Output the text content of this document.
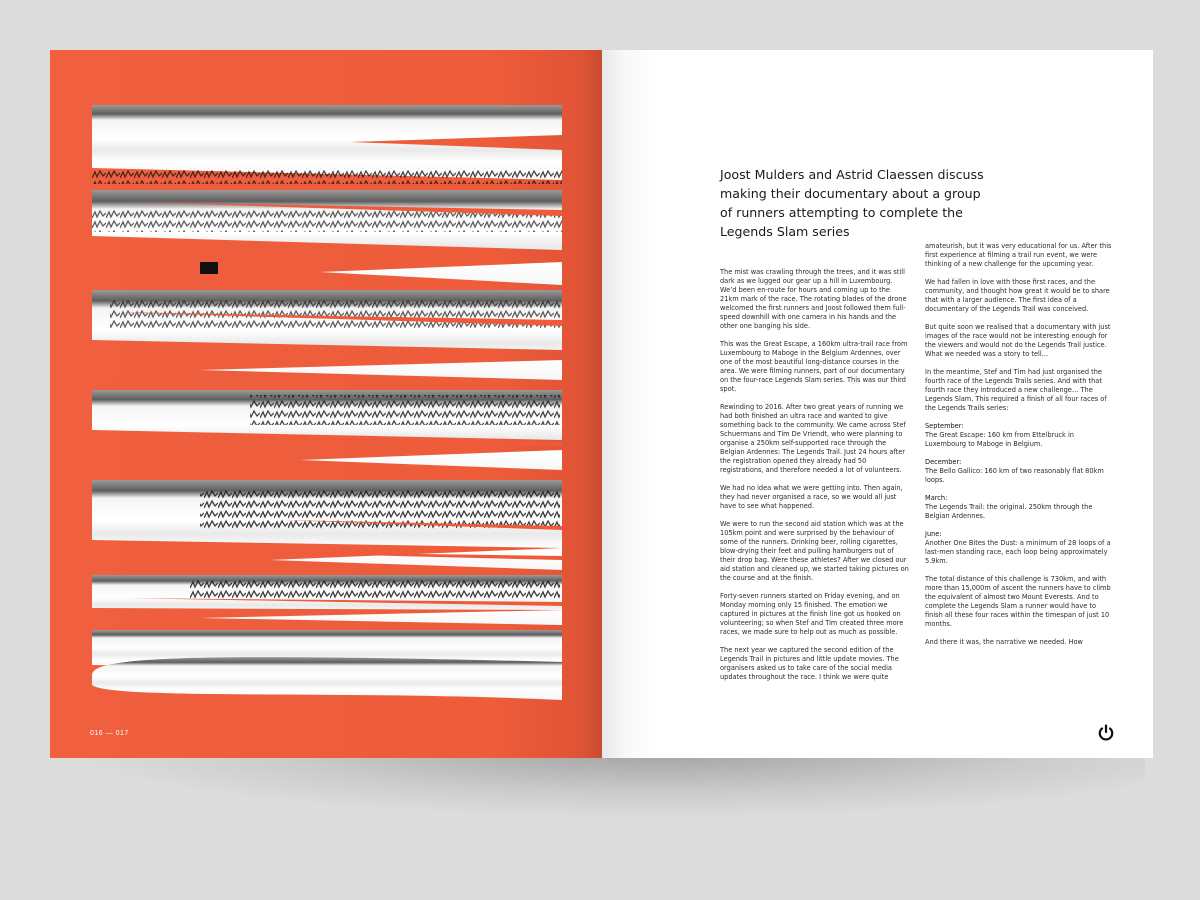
016 — 017
Joost Mulders and Astrid Claessen discuss making their documentary about a group of runners attempting to complete the Legends Slam series

The mist was crawling through the trees, and it was still dark as we lugged our gear up a hill in Luxembourg. We’d been en-route for hours and coming up to the 21km mark of the race. The rotating blades of the drone welcomed the first runners and Joost followed them full-speed downhill with one camera in his hands and the other one banging his side.

This was the Great Escape, a 160km ultra-trail race from Luxembourg to Maboge in the Belgium Ardennes, over one of the most beautiful long-distance courses in the area. We were filming runners, part of our documentary on the four-race Legends Slam series. This was our third spot.

Rewinding to 2016. After two great years of running we had both finished an ultra race and wanted to give something back to the community. We came across Stef Schuermans and Tim De Vriendt, who were planning to organise a 250km self-supported race through the Belgian Ardennes: The Legends Trail. Just 24 hours after the registration opened they already had 50 registrations, and therefore needed a lot of volunteers.

We had no idea what we were getting into. Then again, they had never organised a race, so we would all just have to see what happened.

We were to run the second aid station which was at the 105km point and were surprised by the behaviour of some of the runners. Drinking beer, rolling cigarettes, blow-drying their feet and pulling hamburgers out of their drop bag. Were these athletes? After we closed our aid station and cleaned up, we started taking pictures on the course and at the finish.

Forty-seven runners started on Friday evening, and on Monday morning only 15 finished. The emotion we captured in pictures at the finish line got us hooked on volunteering; so when Stef and Tim created three more races, we made sure to help out as much as possible.

The next year we captured the second edition of the Legends Trail in pictures and little update movies. The organisers asked us to take care of the social media updates throughout the race. I think we were quite

amateurish, but it was very educational for us. After this first experience at filming a trail run event, we were thinking of a new challenge for the upcoming year.

We had fallen in love with those first races, and the community, and thought how great it would be to share that with a larger audience. The first idea of a documentary of the Legends Trail was conceived.

But quite soon we realised that a documentary with just images of the race would not be interesting enough for the viewers and would not do the Legends Trail justice. What we needed was a story to tell…

In the meantime, Stef and Tim had just organised the fourth race of the Legends Trails series. And with that fourth race they introduced a new challenge… The Legends Slam. This required a finish of all four races of the Legends Trails series:

September:
The Great Escape: 160 km from Ettelbruck in Luxembourg to Maboge in Belgium.

December:
The Bello Gallico: 160 km of two reasonably flat 80km loops.

March:
The Legends Trail: the original. 250km through the Belgian Ardennes.

June:
Another One Bites the Dust: a minimum of 28 loops of a last-men standing race, each loop being approximately 5.9km.

The total distance of this challenge is 730km, and with more than 15,000m of ascent the runners have to climb the equivalent of almost two Mount Everests. And to complete the Legends Slam a runner would have to finish all these four races within the timespan of just 10 months.

And there it was, the narrative we needed. How
